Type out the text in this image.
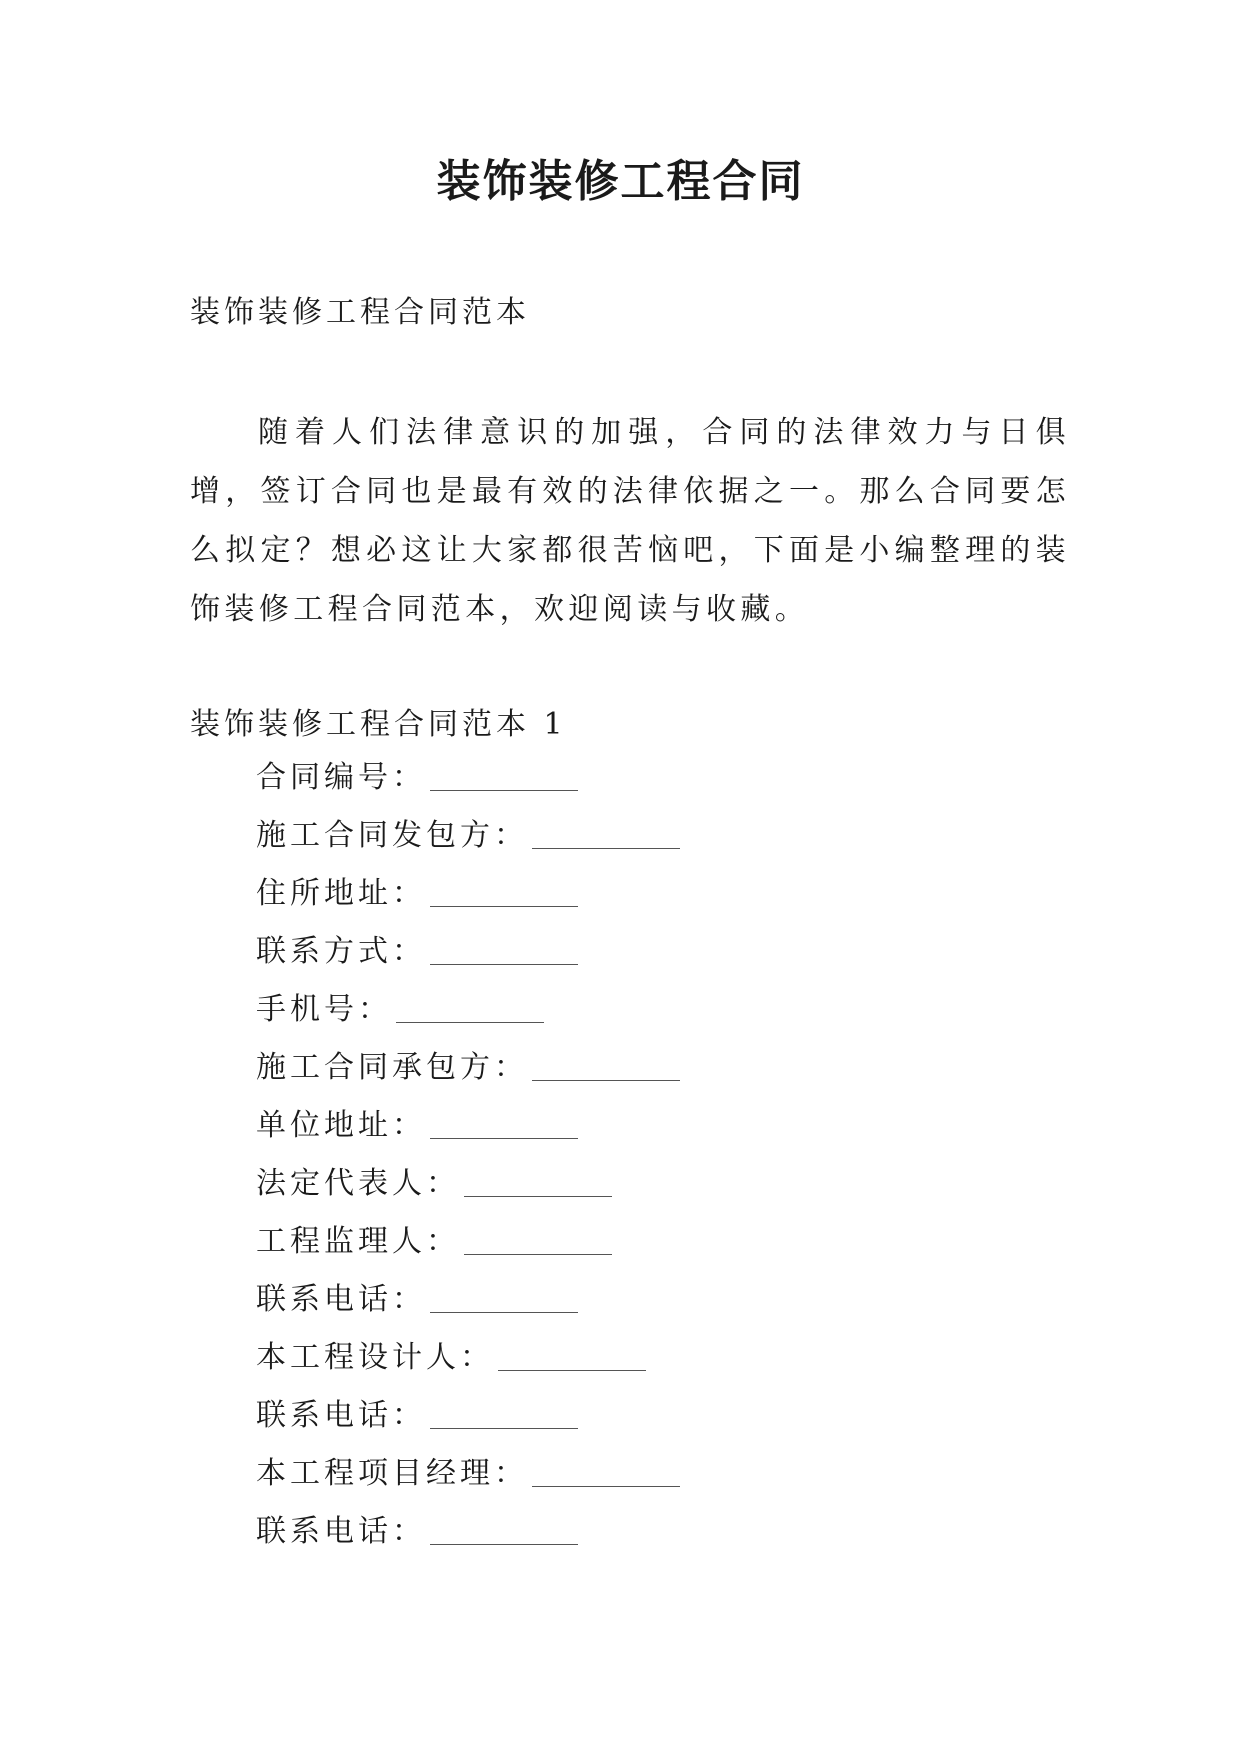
装饰装修工程合同

装饰装修工程合同范本

随着人们法律意识的加强，合同的法律效力与日俱增，签订合同也是最有效的法律依据之一。那么合同要怎么拟定？想必这让大家都很苦恼吧，下面是小编整理的装饰装修工程合同范本，欢迎阅读与收藏。

装饰装修工程合同范本 1

合同编号：
施工合同发包方：
住所地址：
联系方式：
手机号：
施工合同承包方：
单位地址：
法定代表人：
工程监理人：
联系电话：
本工程设计人：
联系电话：
本工程项目经理：
联系电话：
